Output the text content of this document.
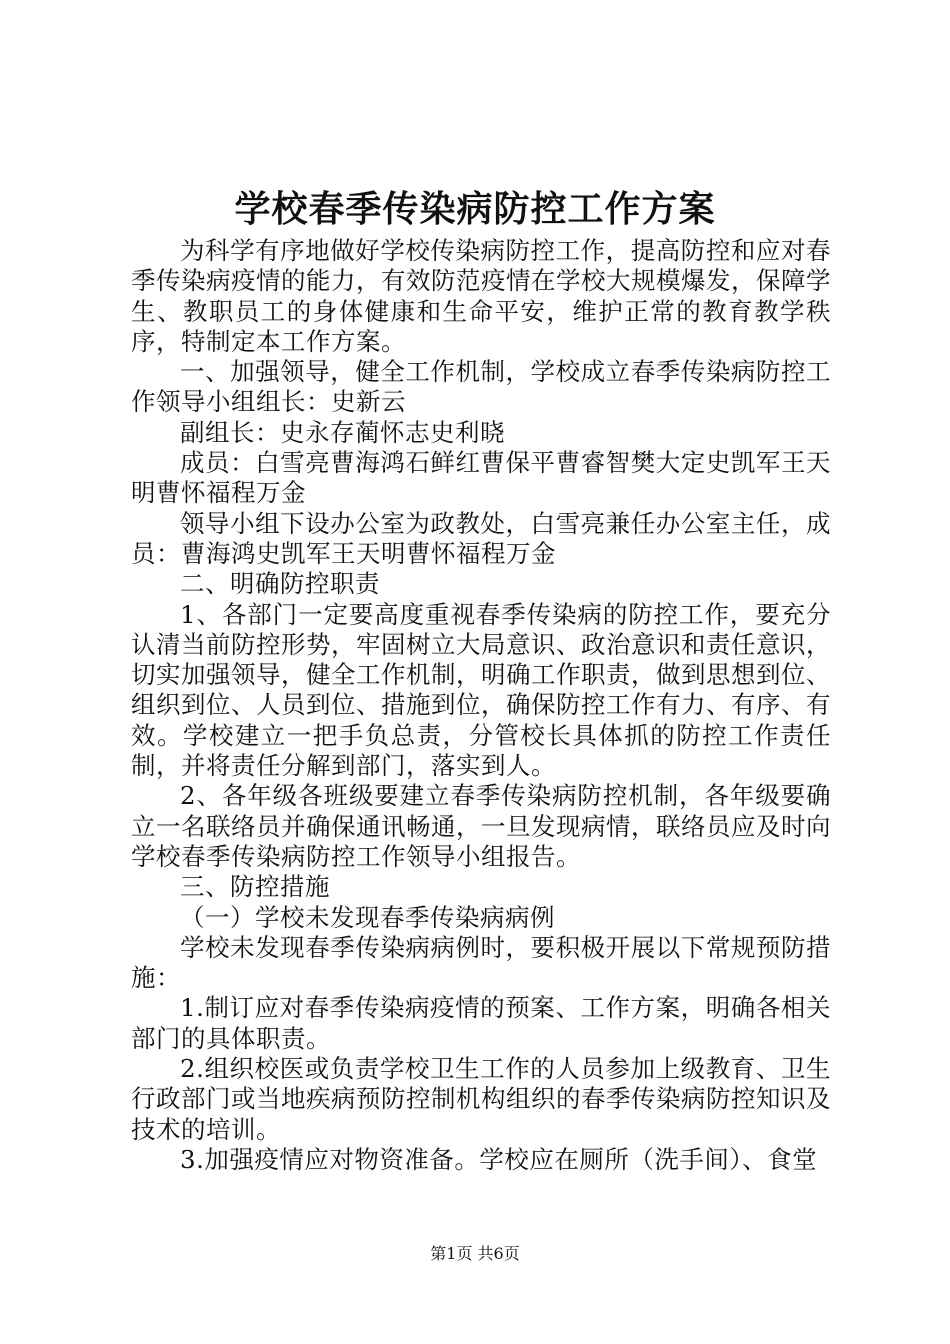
学校春季传染病防控工作方案

为科学有序地做好学校传染病防控工作，提高防控和应对春季传染病疫情的能力，有效防范疫情在学校大规模爆发，保障学生、教职员工的身体健康和生命平安，维护正常的教育教学秩序，特制定本工作方案。

一、加强领导，健全工作机制，学校成立春季传染病防控工作领导小组组长：史新云

副组长：史永存蔺怀志史利晓

成员：白雪亮曹海鸿石鲜红曹保平曹睿智樊大定史凯军王天明曹怀福程万金

领导小组下设办公室为政教处，白雪亮兼任办公室主任，成员：曹海鸿史凯军王天明曹怀福程万金

二、明确防控职责

1、各部门一定要高度重视春季传染病的防控工作，要充分认清当前防控形势，牢固树立大局意识、政治意识和责任意识，切实加强领导，健全工作机制，明确工作职责，做到思想到位、组织到位、人员到位、措施到位，确保防控工作有力、有序、有效。学校建立一把手负总责，分管校长具体抓的防控工作责任制，并将责任分解到部门，落实到人。

2、各年级各班级要建立春季传染病防控机制，各年级要确立一名联络员并确保通讯畅通，一旦发现病情，联络员应及时向学校春季传染病防控工作领导小组报告。

三、防控措施

（一）学校未发现春季传染病病例

学校未发现春季传染病病例时，要积极开展以下常规预防措施：

1.制订应对春季传染病疫情的预案、工作方案，明确各相关部门的具体职责。

2.组织校医或负责学校卫生工作的人员参加上级教育、卫生行政部门或当地疾病预防控制机构组织的春季传染病防控知识及技术的培训。

3.加强疫情应对物资准备。学校应在厕所（洗手间）、食堂

第1页 共6页
